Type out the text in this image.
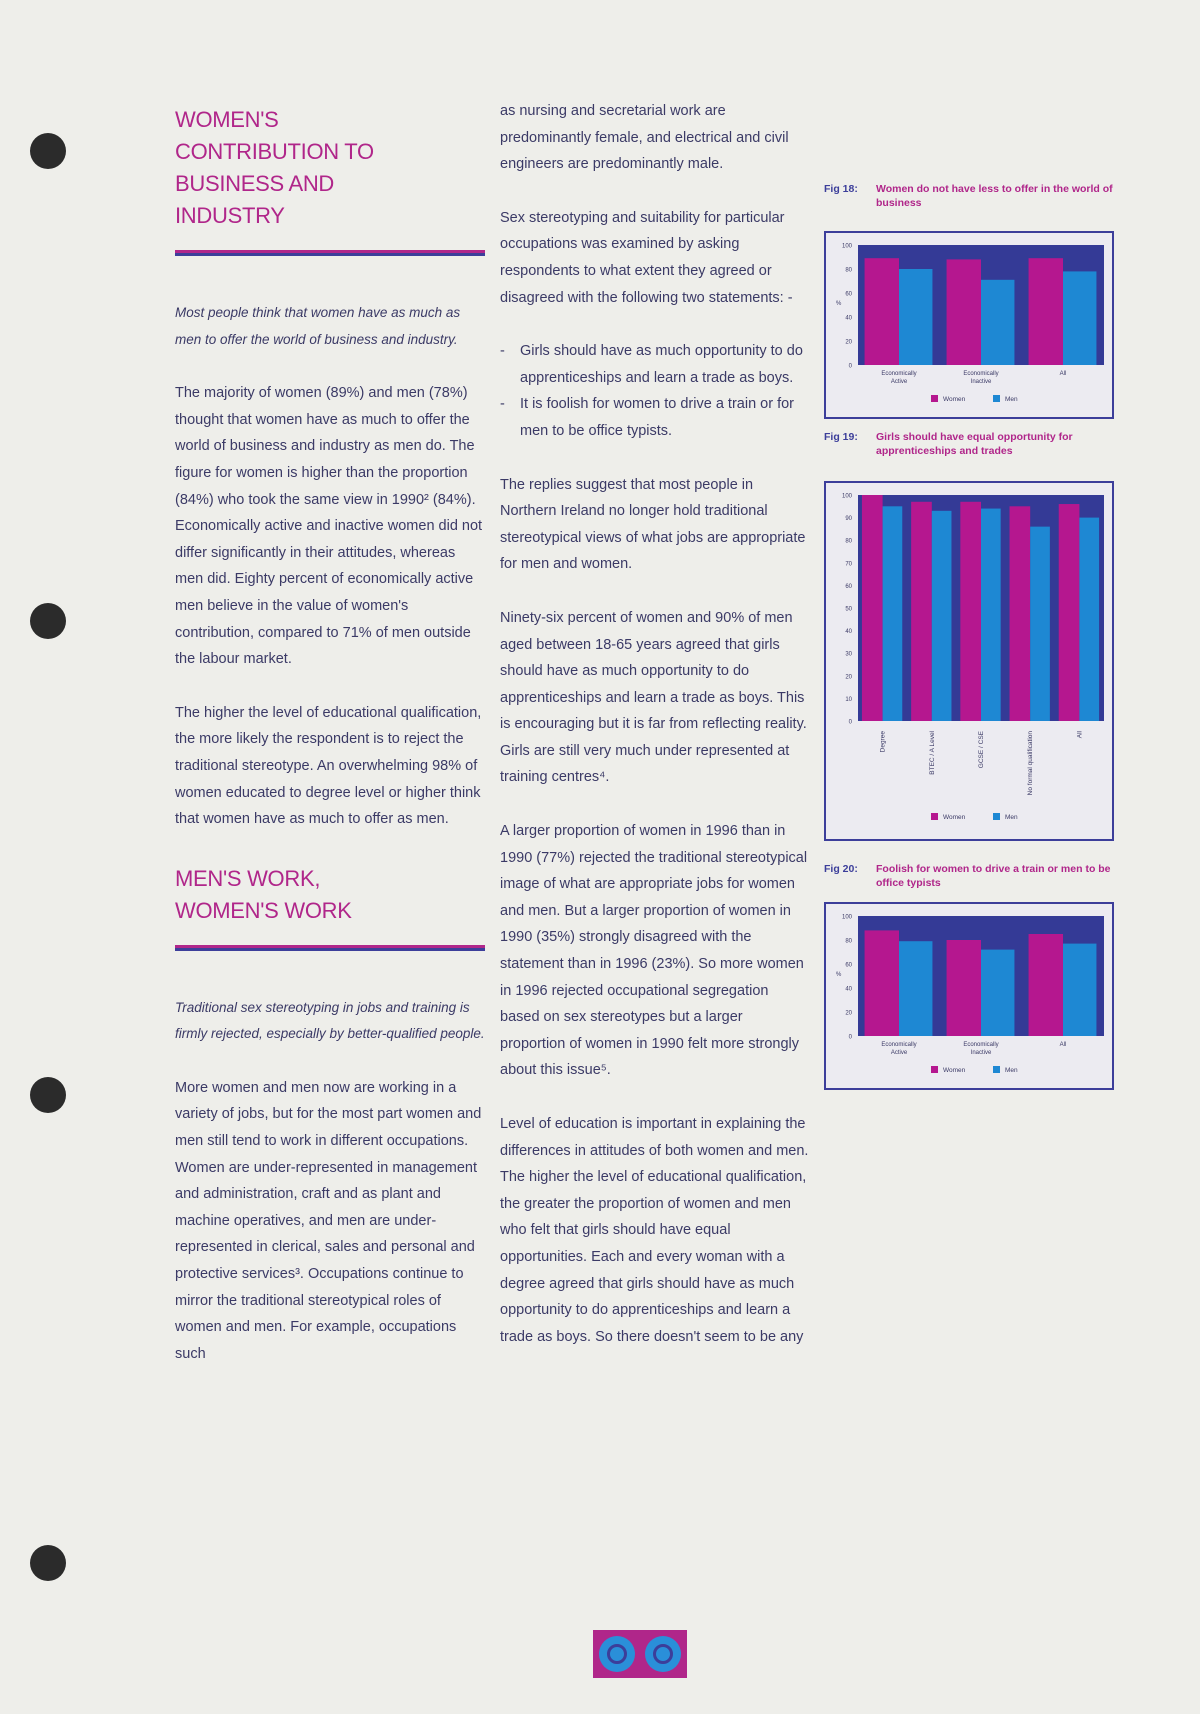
WOMEN'S CONTRIBUTION TO BUSINESS AND INDUSTRY

Most people think that women have as much as men to offer the world of business and industry.

The majority of women (89%) and men (78%) thought that women have as much to offer the world of business and industry as men do. The figure for women is higher than the proportion (84%) who took the same view in 1990² (84%). Economically active and inactive women did not differ significantly in their attitudes, whereas men did. Eighty percent of economically active men believe in the value of women's contribution, compared to 71% of men outside the labour market.

The higher the level of educational qualification, the more likely the respondent is to reject the traditional stereotype. An overwhelming 98% of women educated to degree level or higher think that women have as much to offer as men.

MEN'S WORK, WOMEN'S WORK

Traditional sex stereotyping in jobs and training is firmly rejected, especially by better-qualified people.

More women and men now are working in a variety of jobs, but for the most part women and men still tend to work in different occupations. Women are under-represented in management and administration, craft and as plant and machine operatives, and men are under-represented in clerical, sales and personal and protective services³. Occupations continue to mirror the traditional stereotypical roles of women and men. For example, occupations such

as nursing and secretarial work are predominantly female, and electrical and civil engineers are predominantly male.

Sex stereotyping and suitability for particular occupations was examined by asking respondents to what extent they agreed or disagreed with the following two statements: -

- Girls should have as much opportunity to do apprenticeships and learn a trade as boys.
- It is foolish for women to drive a train or for men to be office typists.

The replies suggest that most people in Northern Ireland no longer hold traditional stereotypical views of what jobs are appropriate for men and women.

Ninety-six percent of women and 90% of men aged between 18-65 years agreed that girls should have as much opportunity to do apprenticeships and learn a trade as boys. This is encouraging but it is far from reflecting reality. Girls are still very much under represented at training centres⁴.

A larger proportion of women in 1996 than in 1990 (77%) rejected the traditional stereotypical image of what are appropriate jobs for women and men. But a larger proportion of women in 1990 (35%) strongly disagreed with the statement than in 1996 (23%). So more women in 1996 rejected occupational segregation based on sex stereotypes but a larger proportion of women in 1990 felt more strongly about this issue⁵.

Level of education is important in explaining the differences in attitudes of both women and men. The higher the level of educational qualification, the greater the proportion of women and men who felt that girls should have equal opportunities. Each and every woman with a degree agreed that girls should have as much opportunity to do apprenticeships and learn a trade as boys. So there doesn't seem to be any

Fig 18: Women do not have less to offer in the world of business
0
20
40
60
80
100
%
Economically
Active
Economically
Inactive
All
Women	Men
Fig 19: Girls should have equal opportunity for apprenticeships and trades
0
10
20
30
40
50
60
70
80
90
100
Degree	BTEC / A Level	GCSE / CSE	No formal qualification	All
Women	Men
Fig 20: Foolish for women to drive a train or men to be office typists
0
20
40
60
80
100
%
Economically
Active
Economically
Inactive
All
Women	Men
